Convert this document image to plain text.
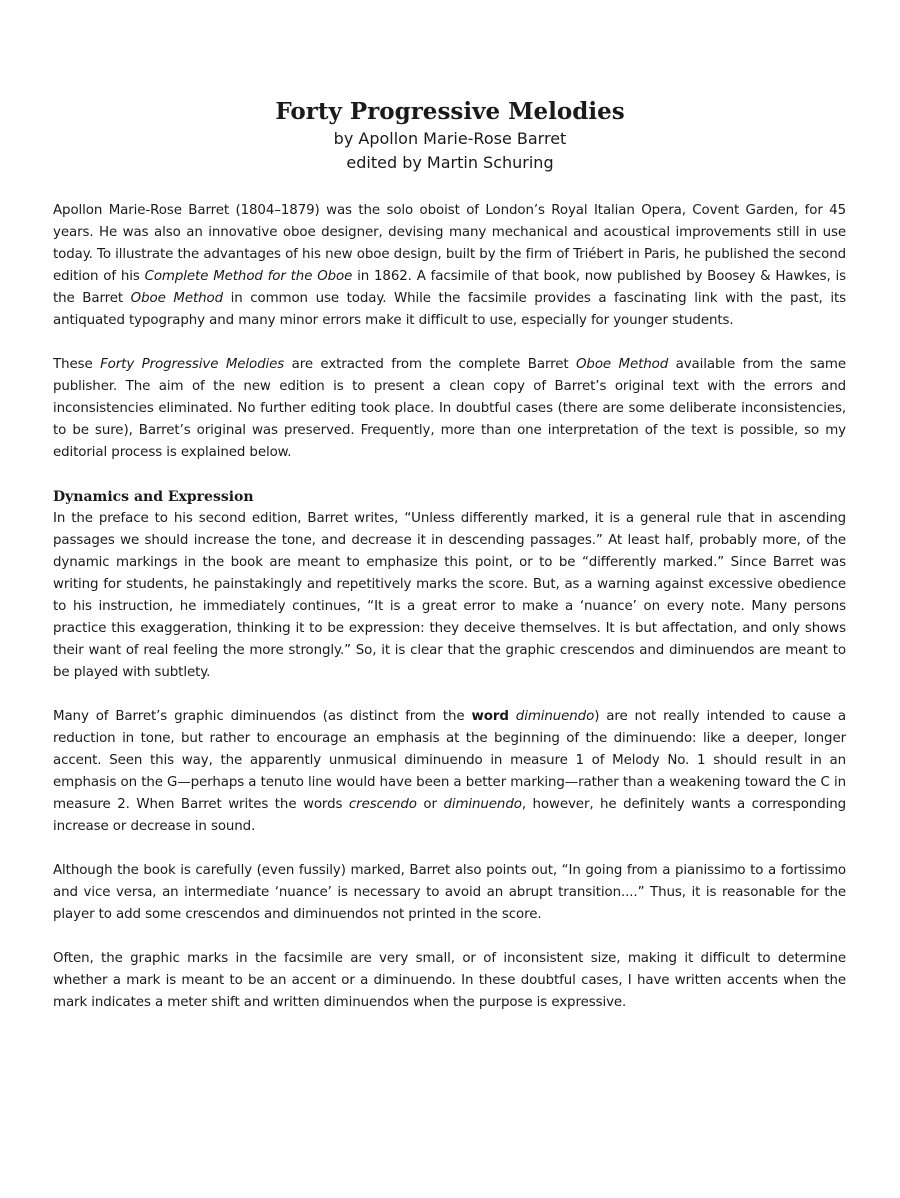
Forty Progressive Melodies

by Apollon Marie-Rose Barret

edited by Martin Schuring

Apollon Marie-Rose Barret (1804–1879) was the solo oboist of London’s Royal Italian Opera, Covent Garden, for 45 years. He was also an innovative oboe designer, devising many mechanical and acoustical improvements still in use today. To illustrate the advantages of his new oboe design, built by the firm of Triébert in Paris, he published the second edition of his Complete Method for the Oboe in 1862. A facsimile of that book, now published by Boosey & Hawkes, is the Barret Oboe Method in common use today. While the facsimile provides a fascinating link with the past, its antiquated typography and many minor errors make it difficult to use, especially for younger students.

These Forty Progressive Melodies are extracted from the complete Barret Oboe Method available from the same publisher. The aim of the new edition is to present a clean copy of Barret’s original text with the errors and inconsistencies eliminated. No further editing took place. In doubtful cases (there are some deliberate inconsistencies, to be sure), Barret’s original was preserved. Frequently, more than one interpretation of the text is possible, so my editorial process is explained below.

Dynamics and Expression

In the preface to his second edition, Barret writes, “Unless differently marked, it is a general rule that in ascending passages we should increase the tone, and decrease it in descending passages.” At least half, probably more, of the dynamic markings in the book are meant to emphasize this point, or to be “differently marked.” Since Barret was writing for students, he painstakingly and repetitively marks the score. But, as a warning against excessive obedience to his instruction, he immediately continues, “It is a great error to make a ‘nuance’ on every note. Many persons practice this exaggeration, thinking it to be expression: they deceive themselves. It is but affectation, and only shows their want of real feeling the more strongly.” So, it is clear that the graphic crescendos and diminuendos are meant to be played with subtlety.

Many of Barret’s graphic diminuendos (as distinct from the word diminuendo) are not really intended to cause a reduction in tone, but rather to encourage an emphasis at the beginning of the diminuendo: like a deeper, longer accent. Seen this way, the apparently unmusical diminuendo in measure 1 of Melody No. 1 should result in an emphasis on the G—perhaps a tenuto line would have been a better marking—rather than a weakening toward the C in measure 2. When Barret writes the words crescendo or diminuendo, however, he definitely wants a corresponding increase or decrease in sound.

Although the book is carefully (even fussily) marked, Barret also points out, “In going from a pianissimo to a fortissimo and vice versa, an intermediate ‘nuance’ is necessary to avoid an abrupt transition....” Thus, it is reasonable for the player to add some crescendos and diminuendos not printed in the score.

Often, the graphic marks in the facsimile are very small, or of inconsistent size, making it difficult to determine whether a mark is meant to be an accent or a diminuendo. In these doubtful cases, I have written accents when the mark indicates a meter shift and written diminuendos when the purpose is expressive.
